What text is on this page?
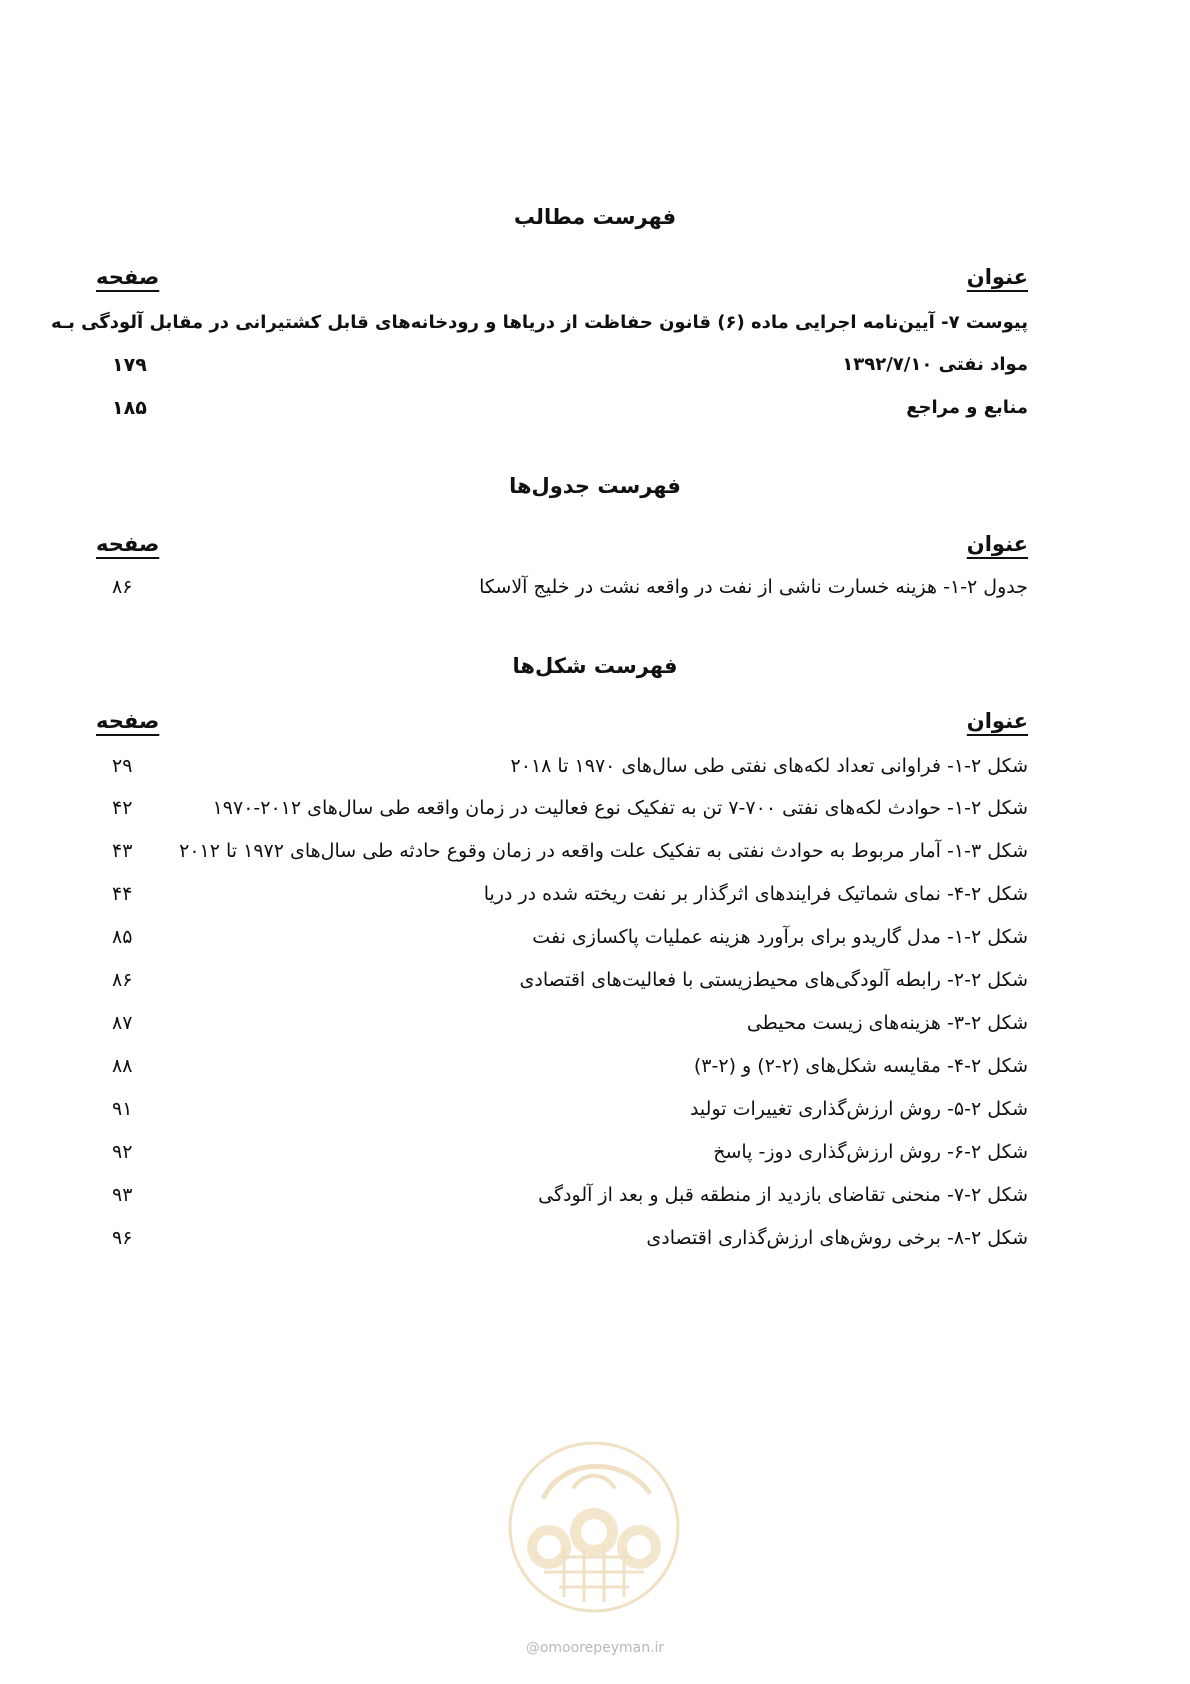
فهرست مطالب
عنوان
صفحه
پیوست ۷- آیین‌نامه اجرایی ماده (۶) قانون حفاظت از دریاها و رودخانه‌های قابل کشتیرانی در مقابل آلودگی بـه
مواد نفتی ۱۳۹۲/۷/۱۰
۱۷۹
منابع و مراجع
۱۸۵
فهرست جدول‌ها
عنوان
صفحه
جدول ۲-۱- هزینه خسارت ناشی از نفت در واقعه نشت در خلیج آلاسکا
۸۶
فهرست شکل‌ها
عنوان
صفحه
شکل ۲-۱- فراوانی تعداد لکه‌های نفتی طی سال‌های ۱۹۷۰ تا ۲۰۱۸
۲۹
شکل ۲-۱- حوادث لکه‌های نفتی ۷۰۰-۷ تن به تفکیک نوع فعالیت در زمان واقعه طی سال‌های ۲۰۱۲-۱۹۷۰
۴۲
شکل ۳-۱- آمار مربوط به حوادث نفتی به تفکیک علت واقعه در زمان وقوع حادثه طی سال‌های ۱۹۷۲ تا ۲۰۱۲
۴۳
شکل ۲-۴- نمای شماتیک فرایندهای اثرگذار بر نفت ریخته شده در دریا
۴۴
شکل ۲-۱- مدل گاریدو برای برآورد هزینه عملیات پاکسازی نفت
۸۵
شکل ۲-۲- رابطه آلودگی‌های محیط‌زیستی با فعالیت‌های اقتصادی
۸۶
شکل ۲-۳- هزینه‌های زیست محیطی
۸۷
شکل ۲-۴- مقایسه شکل‌های (۲-۲) و (۲-۳)
۸۸
شکل ۲-۵- روش ارزش‌گذاری تغییرات تولید
۹۱
شکل ۲-۶- روش ارزش‌گذاری دوز- پاسخ
۹۲
شکل ۲-۷- منحنی تقاضای بازدید از منطقه قبل و بعد از آلودگی
۹۳
شکل ۲-۸- برخی روش‌های ارزش‌گذاری اقتصادی
۹۶
@omoorepeyman.ir
